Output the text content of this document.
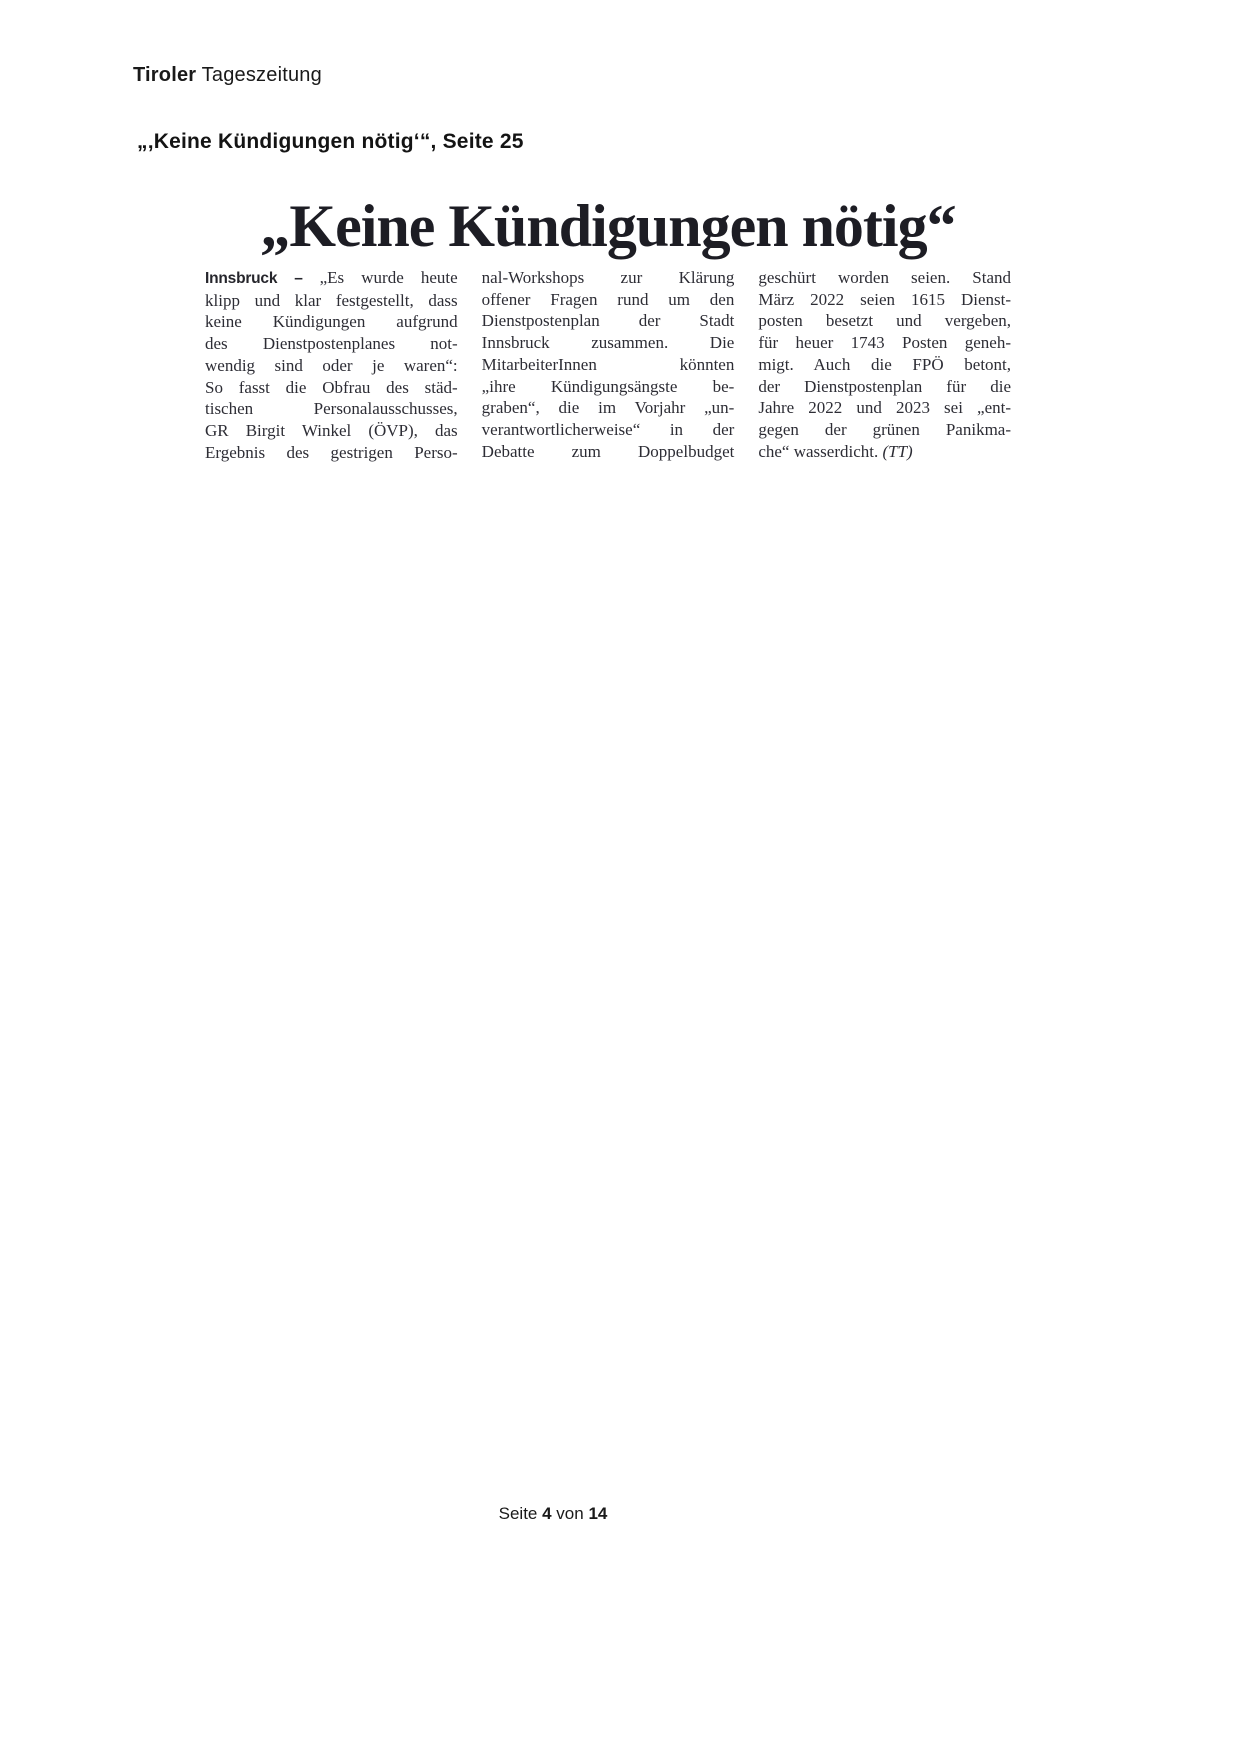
Tiroler Tageszeitung
„‚Keine Kündigungen nötig‘“, Seite 25
„Keine Kündigungen nötig“
Innsbruck – „Es wurde heute
klipp und klar festgestellt, dass
keine Kündigungen aufgrund
des Dienstpostenplanes not-
wendig sind oder je waren“:
So fasst die Obfrau des städ-
tischen Personalausschusses,
GR Birgit Winkel (ÖVP), das
Ergebnis des gestrigen Perso-
nal-Workshops zur Klärung
offener Fragen rund um den
Dienstpostenplan der Stadt
Innsbruck zusammen. Die
MitarbeiterInnen könnten
„ihre Kündigungsängste be-
graben“, die im Vorjahr „un-
verantwortlicherweise“ in der
Debatte zum Doppelbudget
geschürt worden seien. Stand
März 2022 seien 1615 Dienst-
posten besetzt und vergeben,
für heuer 1743 Posten geneh-
migt. Auch die FPÖ betont,
der Dienstpostenplan für die
Jahre 2022 und 2023 sei „ent-
gegen der grünen Panikma-
che“ wasserdicht. (TT)
Seite 4 von 14
